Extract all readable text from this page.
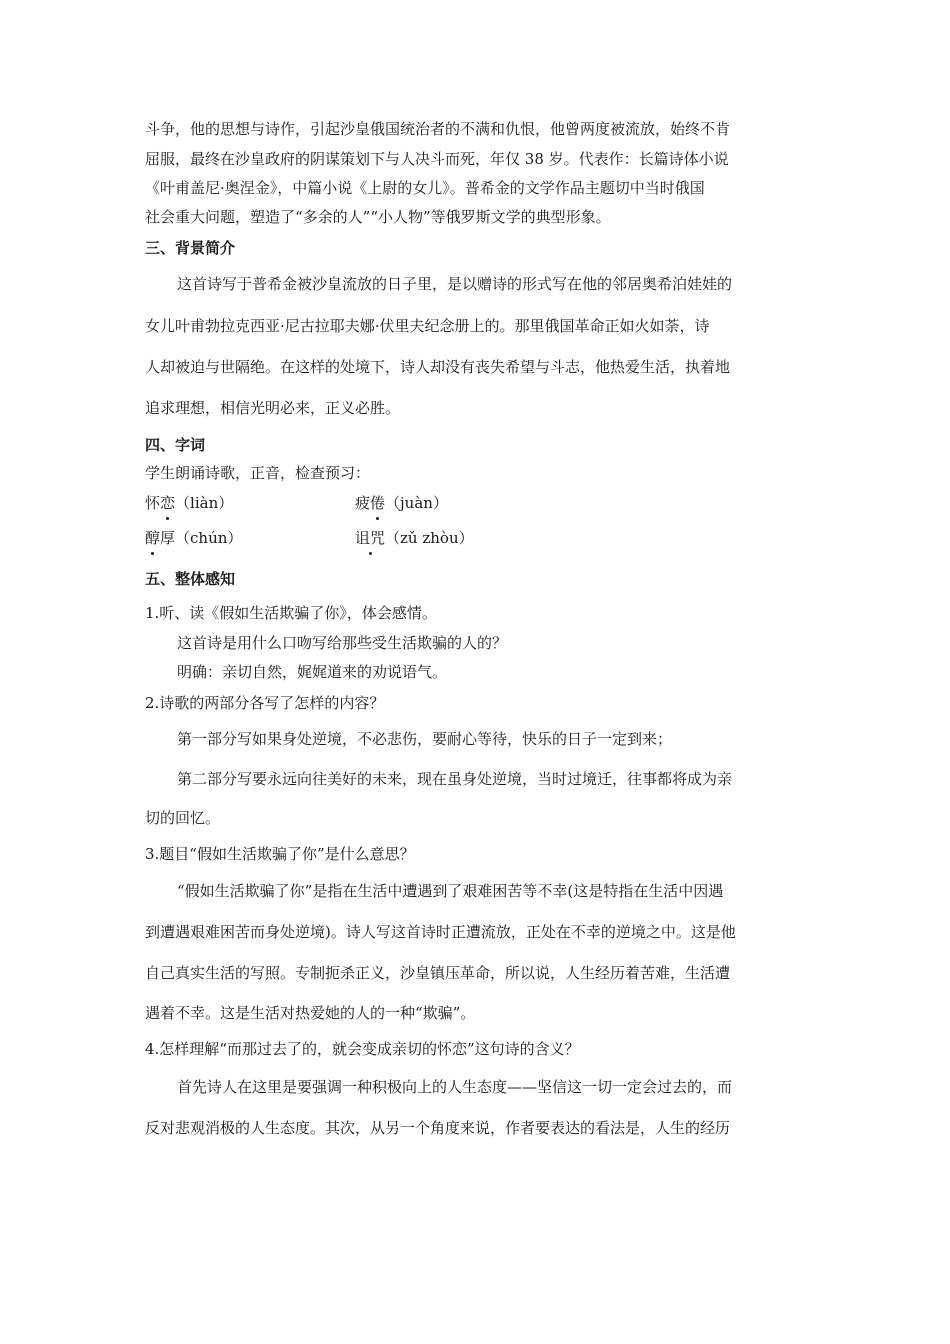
斗争，他的思想与诗作，引起沙皇俄国统治者的不满和仇恨，他曾两度被流放，始终不肯
屈服，最终在沙皇政府的阴谋策划下与人决斗而死，年仅 38 岁。代表作：长篇诗体小说
《叶甫盖尼·奥涅金》，中篇小说《上尉的女儿》。普希金的文学作品主题切中当时俄国
社会重大问题，塑造了“多余的人”“小人物”等俄罗斯文学的典型形象。
三、背景简介
这首诗写于普希金被沙皇流放的日子里，是以赠诗的形式写在他的邻居奥希泊娃娃的
女儿叶甫勃拉克西亚·尼古拉耶夫娜·伏里夫纪念册上的。那里俄国革命正如火如荼，诗
人却被迫与世隔绝。在这样的处境下，诗人却没有丧失希望与斗志，他热爱生活，执着地
追求理想，相信光明必来，正义必胜。
四、字词
学生朗诵诗歌，正音，检查预习：
怀恋（liàn）	疲倦（juàn）
醇厚（chún）	诅咒（zǔ zhòu）
五、整体感知
1.听、读《假如生活欺骗了你》，体会感情。
这首诗是用什么口吻写给那些受生活欺骗的人的？
明确：亲切自然，娓娓道来的劝说语气。
2.诗歌的两部分各写了怎样的内容？
第一部分写如果身处逆境，不必悲伤，要耐心等待，快乐的日子一定到来；
第二部分写要永远向往美好的未来，现在虽身处逆境，当时过境迁，往事都将成为亲
切的回忆。
3.题目“假如生活欺骗了你”是什么意思？
“假如生活欺骗了你”是指在生活中遭遇到了艰难困苦等不幸(这是特指在生活中因遇
到遭遇艰难困苦而身处逆境)。诗人写这首诗时正遭流放，正处在不幸的逆境之中。这是他
自己真实生活的写照。专制扼杀正义，沙皇镇压革命，所以说，人生经历着苦难，生活遭
遇着不幸。这是生活对热爱她的人的一种“欺骗”。
4.怎样理解“而那过去了的，就会变成亲切的怀恋”这句诗的含义？
首先诗人在这里是要强调一种积极向上的人生态度——坚信这一切一定会过去的，而
反对悲观消极的人生态度。其次，从另一个角度来说，作者要表达的看法是，人生的经历
